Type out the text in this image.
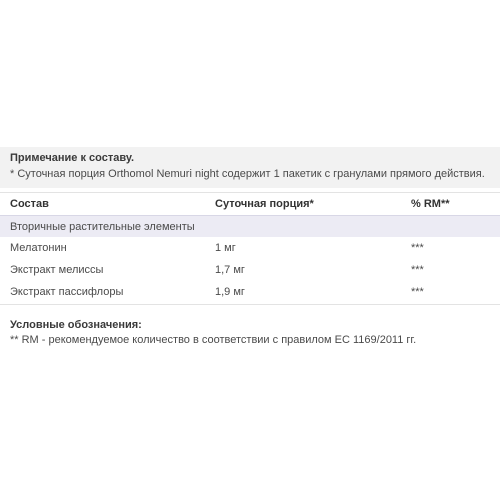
Примечание к составу.
* Суточная порция Orthomol Nemuri night содержит 1 пакетик с гранулами прямого действия.
Состав	Суточная порция*	% RM**
Вторичные растительные элементы
Мелатонин	1 мг	***
Экстракт мелиссы	1,7 мг	***
Экстракт пассифлоры	1,9 мг	***
Условные обозначения:
** RM - рекомендуемое количество в соответствии с правилом ЕС 1169/2011 гг.
